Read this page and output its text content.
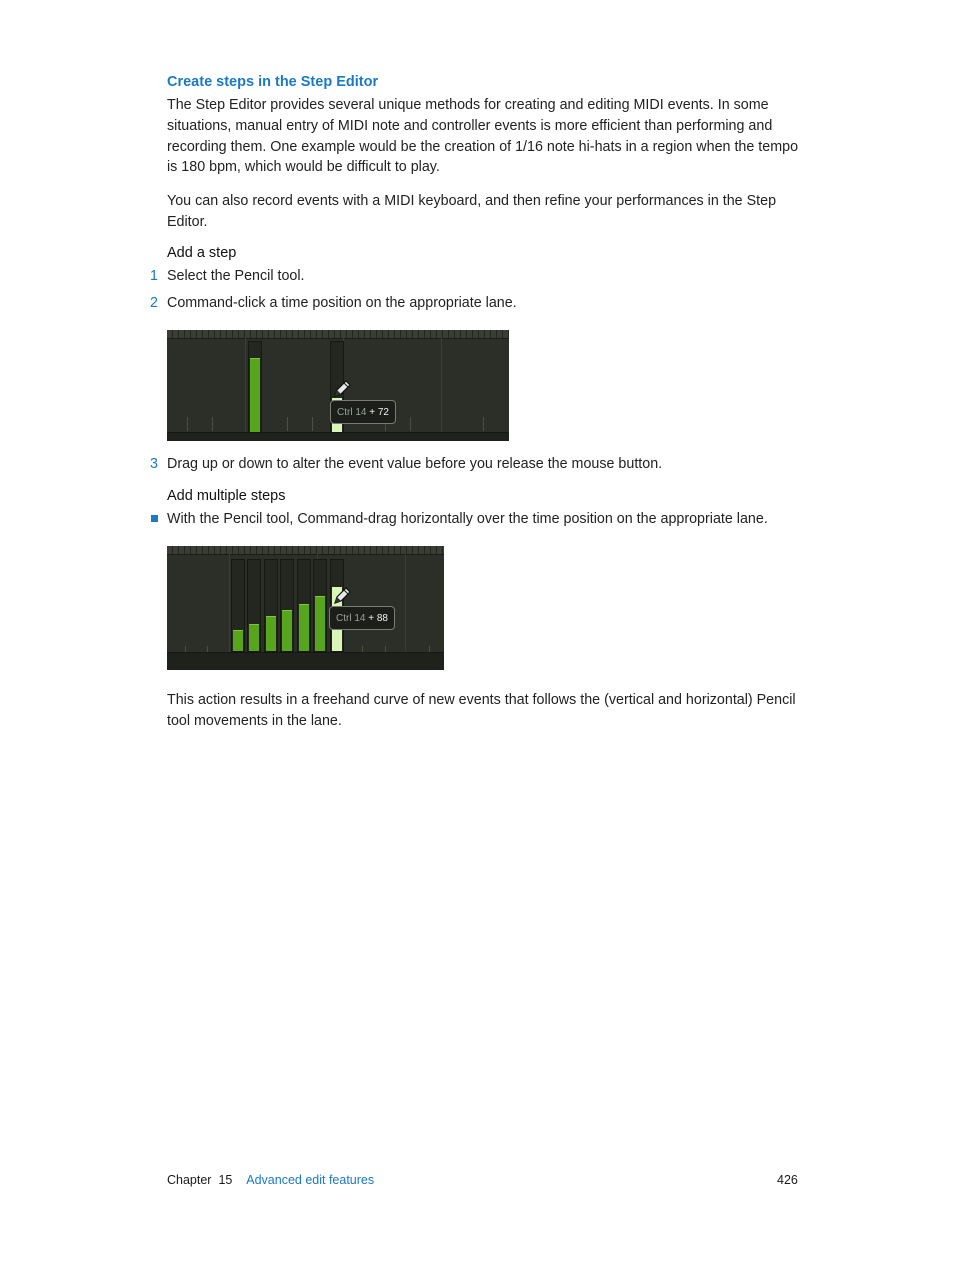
Create steps in the Step Editor
The Step Editor provides several unique methods for creating and editing MIDI events. In some situations, manual entry of MIDI note and controller events is more efficient than performing and recording them. One example would be the creation of 1/16 note hi-hats in a region when the tempo is 180 bpm, which would be difficult to play.
You can also record events with a MIDI keyboard, and then refine your performances in the Step Editor.
Add a step
1 Select the Pencil tool.
2 Command-click a time position on the appropriate lane.
Ctrl 14 + 72
3 Drag up or down to alter the event value before you release the mouse button.
Add multiple steps
With the Pencil tool, Command-drag horizontally over the time position on the appropriate lane.
Ctrl 14 + 88
This action results in a freehand curve of new events that follows the (vertical and horizontal) Pencil tool movements in the lane.
Chapter 15 Advanced edit features	426
